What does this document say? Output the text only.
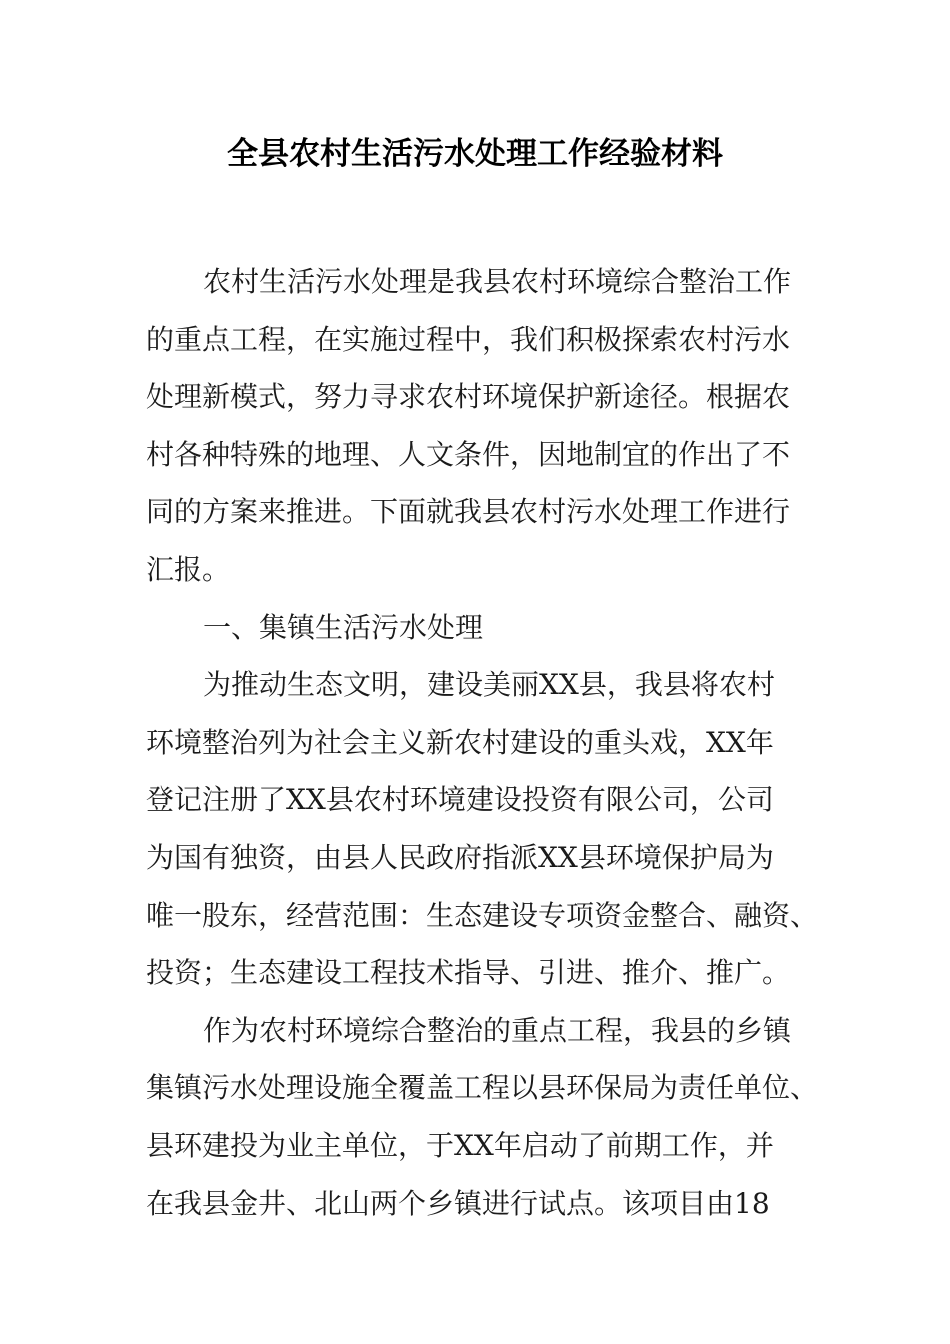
全县农村生活污水处理工作经验材料
农村生活污水处理是我县农村环境综合整治工作
的重点工程，在实施过程中，我们积极探索农村污水
处理新模式，努力寻求农村环境保护新途径。根据农
村各种特殊的地理、人文条件，因地制宜的作出了不
同的方案来推进。下面就我县农村污水处理工作进行
汇报。
一、集镇生活污水处理
为推动生态文明，建设美丽XX县，我县将农村
环境整治列为社会主义新农村建设的重头戏，XX年
登记注册了XX县农村环境建设投资有限公司，公司
为国有独资，由县人民政府指派XX县环境保护局为
唯一股东，经营范围：生态建设专项资金整合、融资、
投资；生态建设工程技术指导、引进、推介、推广。
作为农村环境综合整治的重点工程，我县的乡镇
集镇污水处理设施全覆盖工程以县环保局为责任单位、
县环建投为业主单位，于XX年启动了前期工作，并
在我县金井、北山两个乡镇进行试点。该项目由18
